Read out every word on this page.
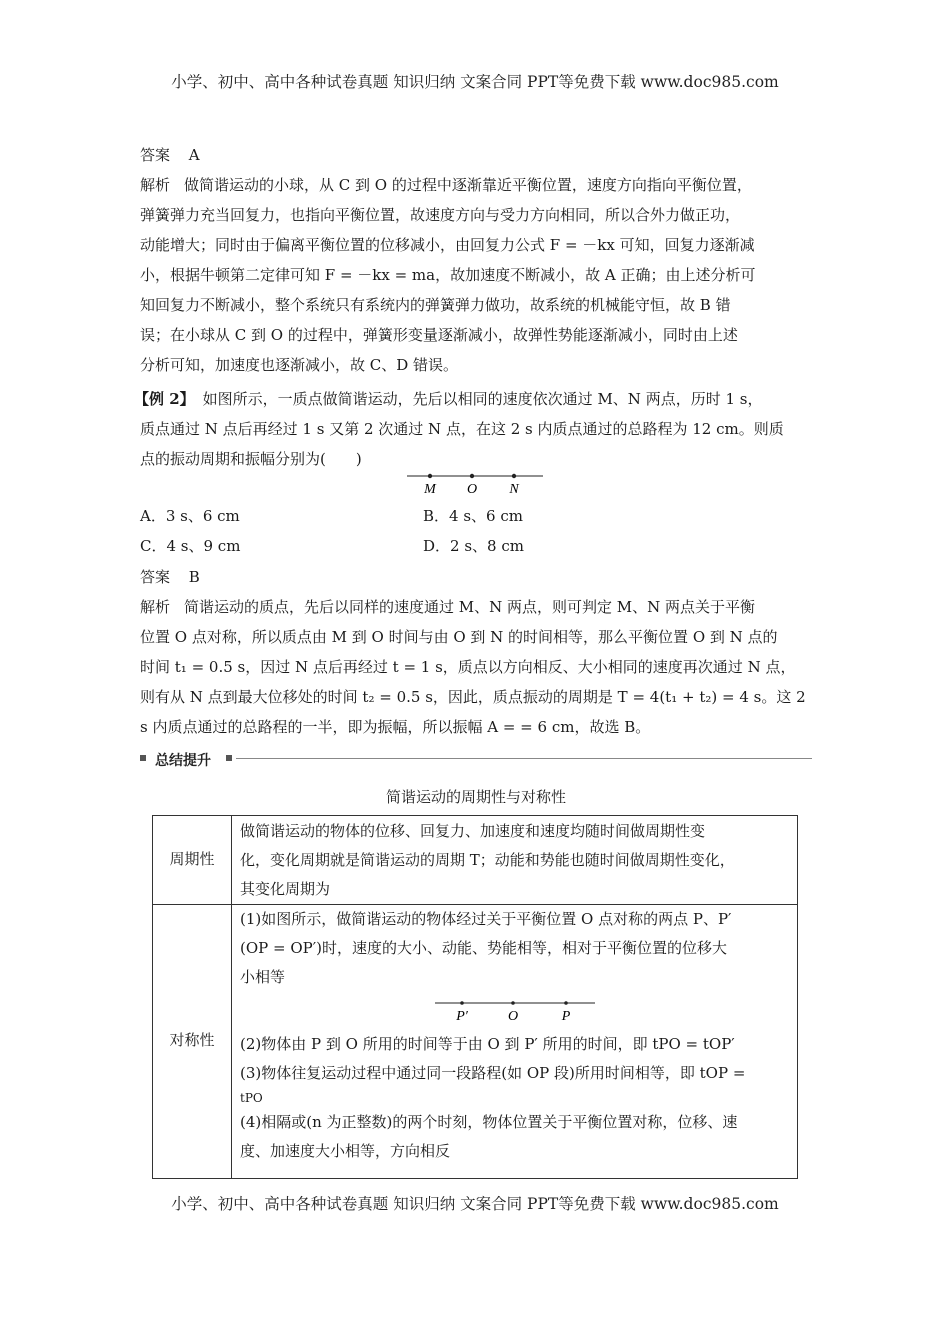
小学、初中、高中各种试卷真题 知识归纳 文案合同 PPT等免费下载 www.doc985.com
答案 A
解析 做简谐运动的小球，从 C 到 O 的过程中逐渐靠近平衡位置，速度方向指向平衡位置，
弹簧弹力充当回复力，也指向平衡位置，故速度方向与受力方向相同，所以合外力做正功，
动能增大；同时由于偏离平衡位置的位移减小，由回复力公式 F = －kx 可知，回复力逐渐减
小，根据牛顿第二定律可知 F = －kx = ma，故加速度不断减小，故 A 正确；由上述分析可
知回复力不断减小，整个系统只有系统内的弹簧弹力做功，故系统的机械能守恒，故 B 错
误；在小球从 C 到 O 的过程中，弹簧形变量逐渐减小，故弹性势能逐渐减小，同时由上述
分析可知，加速度也逐渐减小，故 C、D 错误。
【例 2】 如图所示，一质点做简谐运动，先后以相同的速度依次通过 M、N 两点，历时 1 s，
质点通过 N 点后再经过 1 s 又第 2 次通过 N 点，在这 2 s 内质点通过的总路程为 12 cm。则质
点的振动周期和振幅分别为(　　)
M O N
A．3 s、6 cm	B．4 s、6 cm
C．4 s、9 cm	D．2 s、8 cm
答案 B
解析 简谐运动的质点，先后以同样的速度通过 M、N 两点，则可判定 M、N 两点关于平衡
位置 O 点对称，所以质点由 M 到 O 时间与由 O 到 N 的时间相等，那么平衡位置 O 到 N 点的
时间 t₁ = 0.5 s，因过 N 点后再经过 t = 1 s，质点以方向相反、大小相同的速度再次通过 N 点，
则有从 N 点到最大位移处的时间 t₂ = 0.5 s，因此，质点振动的周期是 T = 4(t₁ + t₂) = 4 s。这 2
s 内质点通过的总路程的一半，即为振幅，所以振幅 A = = 6 cm，故选 B。
总结提升
简谐运动的周期性与对称性
周期性
做简谐运动的物体的位移、回复力、加速度和速度均随时间做周期性变
化，变化周期就是简谐运动的周期 T；动能和势能也随时间做周期性变化，
其变化周期为
对称性
(1)如图所示，做简谐运动的物体经过关于平衡位置 O 点对称的两点 P、P′
(OP = OP′)时，速度的大小、动能、势能相等，相对于平衡位置的位移大
小相等
(2)物体由 P 到 O 所用的时间等于由 O 到 P′ 所用的时间，即 tPO = tOP′
(3)物体往复运动过程中通过同一段路程(如 OP 段)所用时间相等，即 tOP =
tPO
(4)相隔或(n 为正整数)的两个时刻，物体位置关于平衡位置对称，位移、速
度、加速度大小相等，方向相反
P′	O	P
小学、初中、高中各种试卷真题 知识归纳 文案合同 PPT等免费下载 www.doc985.com
